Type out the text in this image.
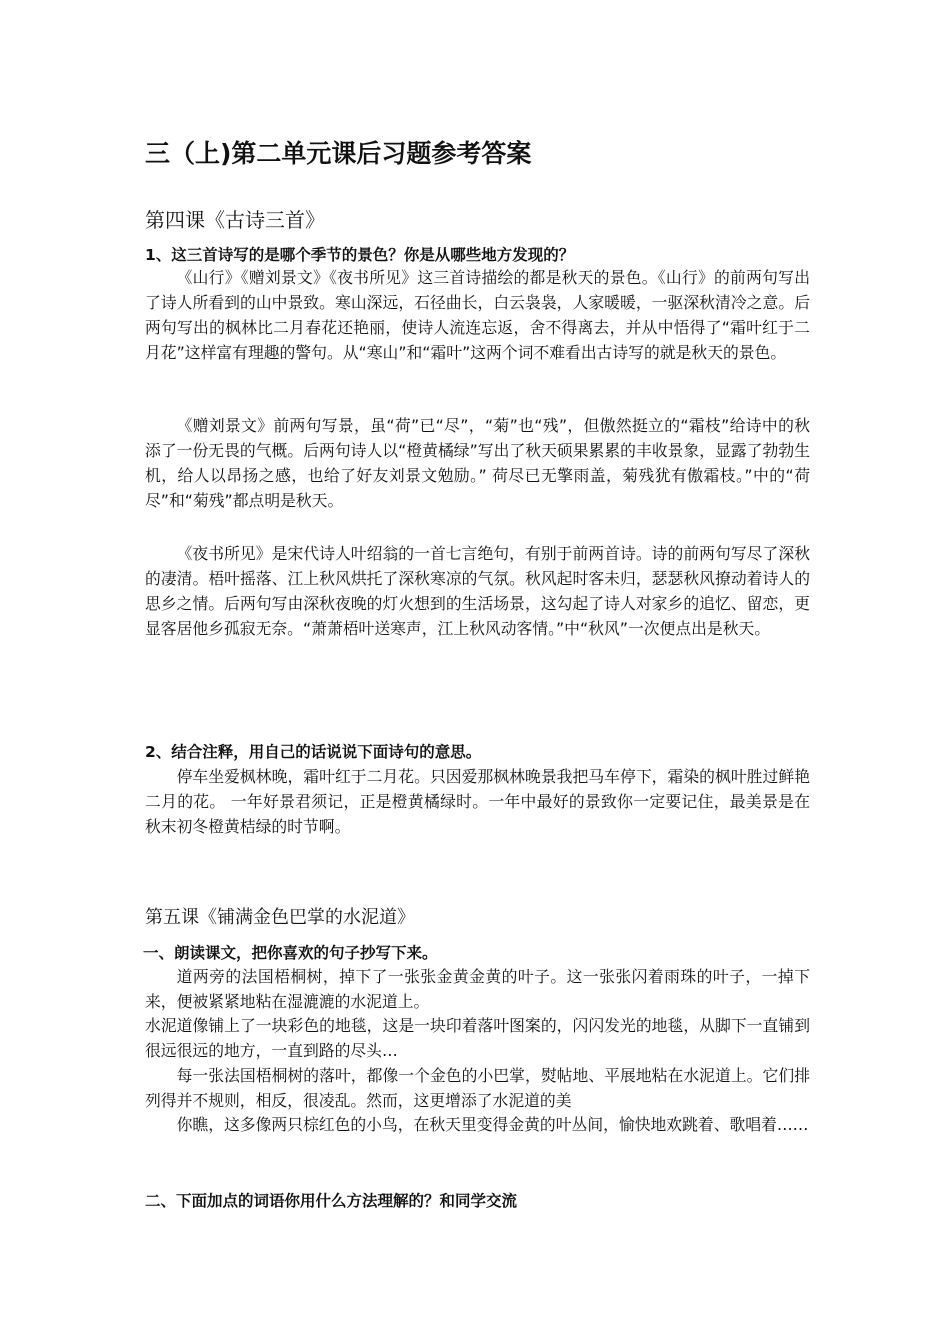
三（上)第二单元课后习题参考答案
第四课《古诗三首》
1、这三首诗写的是哪个季节的景色？你是从哪些地方发现的？
《山行》《赠刘景文》《夜书所见》这三首诗描绘的都是秋天的景色。《山行》的前两句写出了诗人所看到的山中景致。寒山深远，石径曲长，白云袅袅，人家暖暖，一驱深秋清冷之意。后两句写出的枫林比二月春花还艳丽，使诗人流连忘返，舍不得离去，并从中悟得了“霜叶红于二月花”这样富有理趣的警句。从“寒山”和“霜叶”这两个词不难看出古诗写的就是秋天的景色。
《赠刘景文》前两句写景，虽“荷”已“尽”，“菊”也“残”，但傲然挺立的“霜枝”给诗中的秋添了一份无畏的气概。后两句诗人以“橙黄橘绿”写出了秋天硕果累累的丰收景象，显露了勃勃生机，给人以昂扬之感，也给了好友刘景文勉励。” 荷尽已无擎雨盖，菊残犹有傲霜枝。”中的“荷尽”和“菊残”都点明是秋天。
《夜书所见》是宋代诗人叶绍翁的一首七言绝句，有别于前两首诗。诗的前两句写尽了深秋的凄清。梧叶摇落、江上秋风烘托了深秋寒凉的气氛。秋风起时客未归，瑟瑟秋风撩动着诗人的思乡之情。后两句写由深秋夜晚的灯火想到的生活场景，这勾起了诗人对家乡的追忆、留恋，更显客居他乡孤寂无奈。“萧萧梧叶送寒声，江上秋风动客情。”中“秋风”一次便点出是秋天。
2、结合注释，用自己的话说说下面诗句的意思。
停车坐爱枫林晚，霜叶红于二月花。只因爱那枫林晚景我把马车停下，霜染的枫叶胜过鲜艳二月的花。 一年好景君须记，正是橙黄橘绿时。一年中最好的景致你一定要记住，最美景是在秋末初冬橙黄桔绿的时节啊。
第五课《铺满金色巴掌的水泥道》
一、朗读课文，把你喜欢的句子抄写下来。
道两旁的法国梧桐树，掉下了一张张金黄金黄的叶子。这一张张闪着雨珠的叶子，一掉下来，便被紧紧地粘在湿漉漉的水泥道上。
水泥道像铺上了一块彩色的地毯，这是一块印着落叶图案的，闪闪发光的地毯，从脚下一直铺到很远很远的地方，一直到路的尽头…
每一张法国梧桐树的落叶，都像一个金色的小巴掌，熨帖地、平展地粘在水泥道上。它们排列得并不规则，相反，很凌乱。然而，这更增添了水泥道的美
你瞧，这多像两只棕红色的小鸟，在秋天里变得金黄的叶丛间，愉快地欢跳着、歌唱着……
二、下面加点的词语你用什么方法理解的？和同学交流
